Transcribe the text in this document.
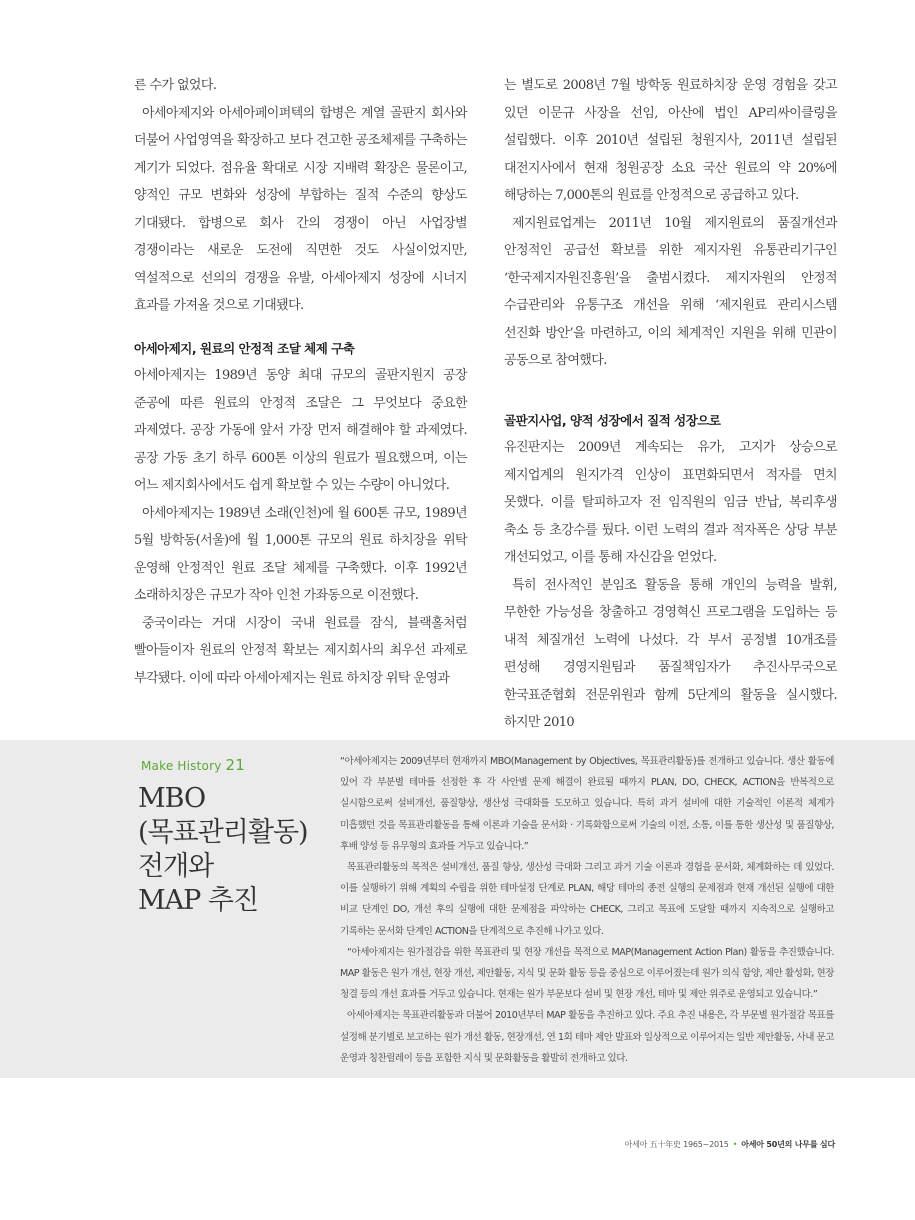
른 수가 없었다.

아세아제지와 아세아페이퍼텍의 합병은 계열 골판지 회사와 더불어 사업영역을 확장하고 보다 견고한 공조체제를 구축하는 계기가 되었다. 점유율 확대로 시장 지배력 확장은 물론이고, 양적인 규모 변화와 성장에 부합하는 질적 수준의 향상도 기대됐다. 합병으로 회사 간의 경쟁이 아닌 사업장별 경쟁이라는 새로운 도전에 직면한 것도 사실이었지만, 역설적으로 선의의 경쟁을 유발, 아세아제지 성장에 시너지 효과를 가져올 것으로 기대됐다.

아세아제지, 원료의 안정적 조달 체제 구축

아세아제지는 1989년 동양 최대 규모의 골판지원지 공장 준공에 따른 원료의 안정적 조달은 그 무엇보다 중요한 과제였다. 공장 가동에 앞서 가장 먼저 해결해야 할 과제였다. 공장 가동 초기 하루 600톤 이상의 원료가 필요했으며, 이는 어느 제지회사에서도 쉽게 확보할 수 있는 수량이 아니었다.

아세아제지는 1989년 소래(인천)에 월 600톤 규모, 1989년 5월 방학동(서울)에 월 1,000톤 규모의 원료 하치장을 위탁 운영해 안정적인 원료 조달 체제를 구축했다. 이후 1992년 소래하치장은 규모가 작아 인천 가좌동으로 이전했다.

중국이라는 거대 시장이 국내 원료를 잠식, 블랙홀처럼 빨아들이자 원료의 안정적 확보는 제지회사의 최우선 과제로 부각됐다. 이에 따라 아세아제지는 원료 하치장 위탁 운영과

는 별도로 2008년 7월 방학동 원료하치장 운영 경험을 갖고 있던 이문규 사장을 선임, 아산에 법인 AP리싸이클링을 설립했다. 이후 2010년 설립된 청원지사, 2011년 설립된 대전지사에서 현재 청원공장 소요 국산 원료의 약 20%에 해당하는 7,000톤의 원료를 안정적으로 공급하고 있다.

제지원료업계는 2011년 10월 제지원료의 품질개선과 안정적인 공급선 확보를 위한 제지자원 유통관리기구인 ‘한국제지자원진흥원’을 출범시켰다. 제지자원의 안정적 수급관리와 유통구조 개선을 위해 ‘제지원료 관리시스템 선진화 방안’을 마련하고, 이의 체계적인 지원을 위해 민관이 공동으로 참여했다.

골판지사업, 양적 성장에서 질적 성장으로

유진판지는 2009년 계속되는 유가, 고지가 상승으로 제지업계의 원지가격 인상이 표면화되면서 적자를 면치 못했다. 이를 탈피하고자 전 임직원의 임금 반납, 복리후생 축소 등 초강수를 뒀다. 이런 노력의 결과 적자폭은 상당 부분 개선되었고, 이를 통해 자신감을 얻었다.

특히 전사적인 분임조 활동을 통해 개인의 능력을 발휘, 무한한 가능성을 창출하고 경영혁신 프로그램을 도입하는 등 내적 체질개선 노력에 나섰다. 각 부서 공정별 10개조를 편성해 경영지원팀과 품질책임자가 추진사무국으로 한국표준협회 전문위원과 함께 5단계의 활동을 실시했다. 하지만 2010

Make History 21
MBO
(목표관리활동)
전개와
MAP 추진

“아세아제지는 2009년부터 현재까지 MBO(Management by Objectives, 목표관리활동)를 전개하고 있습니다. 생산 활동에 있어 각 부분별 테마를 선정한 후 각 사안별 문제 해결이 완료될 때까지 PLAN, DO, CHECK, ACTION을 반복적으로 실시함으로써 설비개선, 품질향상, 생산성 극대화를 도모하고 있습니다. 특히 과거 설비에 대한 기술적인 이론적 체계가 미흡했던 것을 목표관리활동을 통해 이론과 기술을 문서화 · 기록화함으로써 기술의 이전, 소통, 이를 통한 생산성 및 품질향상, 후배 양성 등 유무형의 효과를 거두고 있습니다.”

목표관리활동의 목적은 설비개선, 품질 향상, 생산성 극대화 그리고 과거 기술 이론과 경험을 문서화, 체계화하는 데 있었다. 이를 실행하기 위해 계획의 수립을 위한 테마설정 단계로 PLAN, 해당 테마의 종전 실행의 문제점과 현재 개선된 실행에 대한 비교 단계인 DO, 개선 후의 실행에 대한 문제점을 파악하는 CHECK, 그리고 목표에 도달할 때까지 지속적으로 실행하고 기록하는 문서화 단계인 ACTION을 단계적으로 추진해 나가고 있다.

“아세아제지는 원가절감을 위한 목표관리 및 현장 개선을 목적으로 MAP(Management Action Plan) 활동을 추진했습니다. MAP 활동은 원가 개선, 현장 개선, 제안활동, 지식 및 문화 활동 등을 중심으로 이루어졌는데 원가 의식 함양, 제안 활성화, 현장 청결 등의 개선 효과를 거두고 있습니다. 현재는 원가 부문보다 설비 및 현장 개선, 테마 및 제안 위주로 운영되고 있습니다.”

아세아제지는 목표관리활동과 더불어 2010년부터 MAP 활동을 추진하고 있다. 주요 추진 내용은, 각 부문별 원가절감 목표를 설정해 분기별로 보고하는 원가 개선 활동, 현장개선, 연 1회 테마 제안 발표와 일상적으로 이루어지는 일반 제안활동, 사내 문고 운영과 칭찬릴레이 등을 포함한 지식 및 문화활동을 활발히 전개하고 있다.

아세아 五十年史 1965~2015 • 아세아 50년의 나무를 심다
